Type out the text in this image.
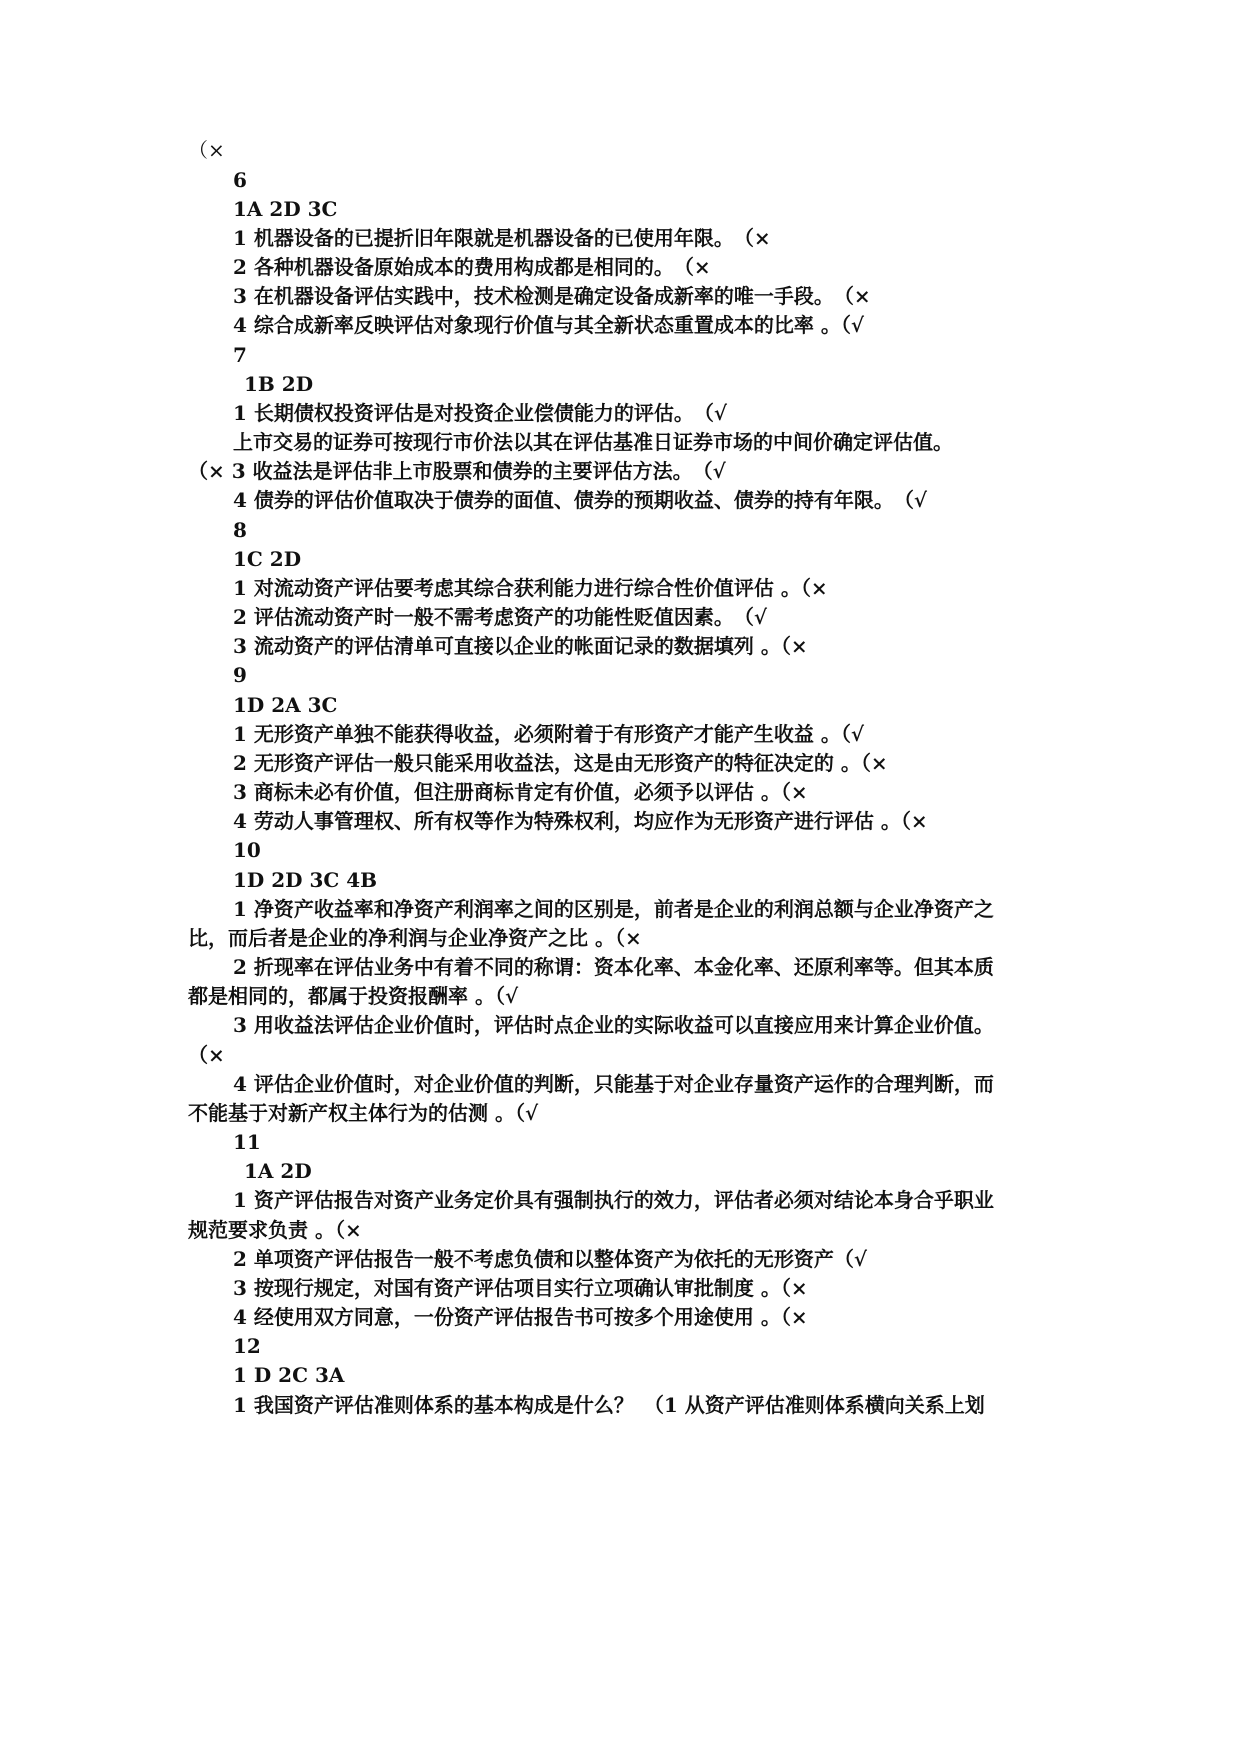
（×
6
1A 2D 3C
1 机器设备的已提折旧年限就是机器设备的已使用年限。　（×
2 各种机器设备原始成本的费用构成都是相同的。　（×
3 在机器设备评估实践中，技术检测是确定设备成新率的唯一手段。　（×
4 综合成新率反映评估对象现行价值与其全新状态重置成本的比率 。（√
7
1B 2D
1 长期债权投资评估是对投资企业偿债能力的评估。　（√
上市交易的证券可按现行市价法以其在评估基准日证券市场的中间价确定评估值。
（× 3 收益法是评估非上市股票和债券的主要评估方法。　（√
4 债券的评估价值取决于债券的面值、债券的预期收益、债券的持有年限。　（√
8
1C 2D
1 对流动资产评估要考虑其综合获利能力进行综合性价值评估 。（×
2 评估流动资产时一般不需考虑资产的功能性贬值因素。　（√
3 流动资产的评估清单可直接以企业的帐面记录的数据填列 。（×
9
1D 2A 3C
1 无形资产单独不能获得收益，必须附着于有形资产才能产生收益 。（√
2 无形资产评估一般只能采用收益法，这是由无形资产的特征决定的 。（×
3 商标未必有价值，但注册商标肯定有价值，必须予以评估 。（×
4 劳动人事管理权、所有权等作为特殊权利，均应作为无形资产进行评估 。（×
10
1D 2D 3C 4B
1 净资产收益率和净资产利润率之间的区别是，前者是企业的利润总额与企业净资产之
比，而后者是企业的净利润与企业净资产之比 。（×
2 折现率在评估业务中有着不同的称谓：资本化率、本金化率、还原利率等。但其本质
都是相同的，都属于投资报酬率 。（√
3 用收益法评估企业价值时，评估时点企业的实际收益可以直接应用来计算企业价值。
（×
4 评估企业价值时，对企业价值的判断，只能基于对企业存量资产运作的合理判断，而
不能基于对新产权主体行为的估测 。（√
11
1A 2D
1 资产评估报告对资产业务定价具有强制执行的效力，评估者必须对结论本身合乎职业
规范要求负责 。（×
2 单项资产评估报告一般不考虑负债和以整体资产为依托的无形资产（√
3 按现行规定，对国有资产评估项目实行立项确认审批制度 。（×
4 经使用双方同意，一份资产评估报告书可按多个用途使用 。（×
12
1 D 2C 3A
1 我国资产评估准则体系的基本构成是什么？　（1 从资产评估准则体系横向关系上划
